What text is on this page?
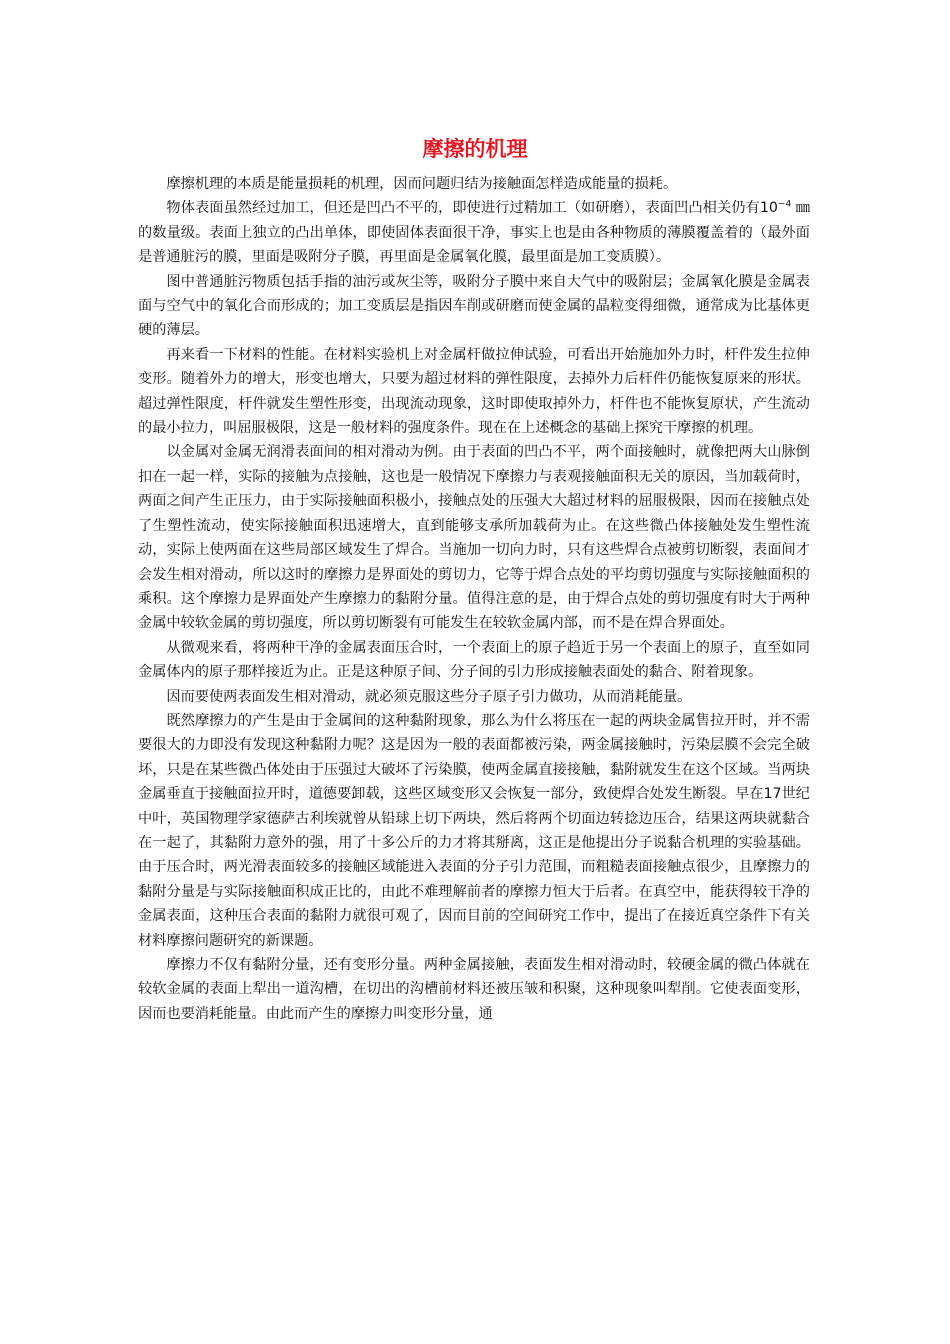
摩擦的机理

摩擦机理的本质是能量损耗的机理，因而问题归结为接触面怎样造成能量的损耗。

物体表面虽然经过加工，但还是凹凸不平的，即使进行过精加工（如研磨），表面凹凸相关仍有$10^{-4}$ ㎜的数量级。表面上独立的凸出单体，即使固体表面很干净，事实上也是由各种物质的薄膜覆盖着的（最外面是普通脏污的膜，里面是吸附分子膜，再里面是金属氧化膜，最里面是加工变质膜）。

图中普通脏污物质包括手指的油污或灰尘等，吸附分子膜中来自大气中的吸附层；金属氧化膜是金属表面与空气中的氧化合而形成的；加工变质层是指因车削或研磨而使金属的晶粒变得细微，通常成为比基体更硬的薄层。

再来看一下材料的性能。在材料实验机上对金属杆做拉伸试验，可看出开始施加外力时，杆件发生拉伸变形。随着外力的增大，形变也增大，只要为超过材料的弹性限度，去掉外力后杆件仍能恢复原来的形状。超过弹性限度，杆件就发生塑性形变，出现流动现象，这时即使取掉外力，杆件也不能恢复原状，产生流动的最小拉力，叫屈服极限，这是一般材料的强度条件。现在在上述概念的基础上探究干摩擦的机理。

以金属对金属无润滑表面间的相对滑动为例。由于表面的凹凸不平，两个面接触时，就像把两大山脉倒扣在一起一样，实际的接触为点接触，这也是一般情况下摩擦力与表观接触面积无关的原因，当加载荷时，两面之间产生正压力，由于实际接触面积极小，接触点处的压强大大超过材料的屈服极限，因而在接触点处了生塑性流动，使实际接触面积迅速增大，直到能够支承所加载荷为止。在这些微凸体接触处发生塑性流动，实际上使两面在这些局部区域发生了焊合。当施加一切向力时，只有这些焊合点被剪切断裂，表面间才会发生相对滑动，所以这时的摩擦力是界面处的剪切力，它等于焊合点处的平均剪切强度与实际接触面积的乘积。这个摩擦力是界面处产生摩擦力的黏附分量。值得注意的是，由于焊合点处的剪切强度有时大于两种金属中较软金属的剪切强度，所以剪切断裂有可能发生在较软金属内部，而不是在焊合界面处。

从微观来看，将两种干净的金属表面压合时，一个表面上的原子趋近于另一个表面上的原子，直至如同金属体内的原子那样接近为止。正是这种原子间、分子间的引力形成接触表面处的黏合、附着现象。

因而要使两表面发生相对滑动，就必须克服这些分子原子引力做功，从而消耗能量。

既然摩擦力的产生是由于金属间的这种黏附现象，那么为什么将压在一起的两块金属售拉开时，并不需要很大的力即没有发现这种黏附力呢？这是因为一般的表面都被污染，两金属接触时，污染层膜不会完全破坏，只是在某些微凸体处由于压强过大破坏了污染膜，使两金属直接接触，黏附就发生在这个区域。当两块金属垂直于接触面拉开时，道德要卸载，这些区域变形又会恢复一部分，致使焊合处发生断裂。早在17世纪中叶，英国物理学家德萨古利埃就曾从铅球上切下两块，然后将两个切面边转捻边压合，结果这两块就黏合在一起了，其黏附力意外的强，用了十多公斤的力才将其掰离，这正是他提出分子说黏合机理的实验基础。由于压合时，两光滑表面较多的接触区域能进入表面的分子引力范围，而粗糙表面接触点很少，且摩擦力的黏附分量是与实际接触面积成正比的，由此不难理解前者的摩擦力恒大于后者。在真空中，能获得较干净的金属表面，这种压合表面的黏附力就很可观了，因而目前的空间研究工作中，提出了在接近真空条件下有关材料摩擦问题研究的新课题。

摩擦力不仅有黏附分量，还有变形分量。两种金属接触，表面发生相对滑动时，较硬金属的微凸体就在较软金属的表面上犁出一道沟槽，在切出的沟槽前材料还被压皱和积聚，这种现象叫犁削。它使表面变形，因而也要消耗能量。由此而产生的摩擦力叫变形分量，通
